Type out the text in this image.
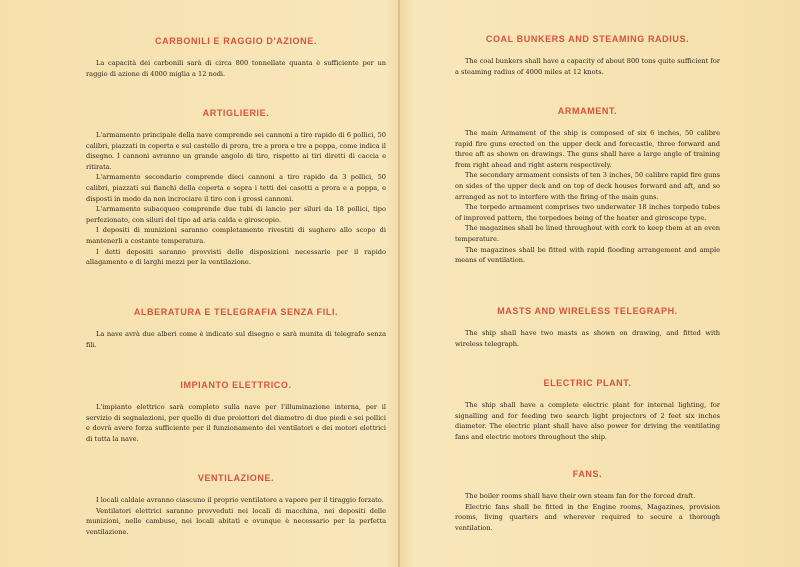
CARBONILI E RAGGIO D'AZIONE.

La capacità dei carbonili sarà di circa 800 tonnellate quanta è sufficiente per un raggio di azione di 4000 miglia a 12 nodi.

ARTIGLIERIE.

L'armamento principale della nave comprende sei cannoni a tiro rapido di 6 pollici, 50 calibri, piazzati in coperta e sul castello di prora, tre a prora e tre a poppa, come indica il disegno. I cannoni avranno un grande angolo di tiro, rispetto ai tiri diretti di caccia e ritirata.

L'armamento secondario comprende dieci cannoni a tiro rapido da 3 pollici, 50 calibri, piazzati sui fianchi della coperta e sopra i tetti dei casotti a prora e a poppa, e disposti in modo da non incrociare il tiro con i grossi cannoni.

L'armamento subacqueo comprende due tubi di lancio per siluri da 18 pollici, tipo perfezionato, con siluri del tipo ad aria calda e giroscopio.

I depositi di munizioni saranno completamente rivestiti di sughero allo scopo di mantenerli a costante temperatura.

I detti depositi saranno provvisti delle disposizioni necessarie per il rapido allagamento e di larghi mezzi per la ventilazione.

ALBERATURA E TELEGRAFIA SENZA FILI.

La nave avrà due alberi come è indicato sul disegno e sarà munita di telegrafo senza fili.

IMPIANTO ELETTRICO.

L'impianto elettrico sarà completo sulla nave per l'illuminazione interna, per il servizio di segnalazioni, per quello di due proiettori del diametro di due piedi e sei pollici e dovrà avere forza sufficiente per il funzionamento dei ventilatori e dei motori elettrici di tutta la nave.

VENTILAZIONE.

I locali caldaie avranno ciascuno il proprio ventilatore a vapore per il tiraggio forzato.

Ventilatori elettrici saranno provveduti nei locali di macchina, nei depositi delle munizioni, nelle cambuse, nei locali abitati e ovunque è necessario per la perfetta ventilazione.

COAL BUNKERS AND STEAMING RADIUS.

The coal bunkers shall have a capacity of about 800 tons quite sufficient for a steaming radius of 4000 miles at 12 knots.

ARMAMENT.

The main Armament of the ship is composed of six 6 inches, 50 calibre rapid fire guns erected on the upper deck and forecastle, three forward and three aft as shown on drawings. The guns shall have a large angle of training from right ahead and right astern respectively.

The secondary armament consists of ten 3 inches, 50 calibre rapid fire guns on sides of the upper deck and on top of deck houses forward and aft, and so arranged as not to interfere with the firing of the main guns.

The torpedo armament comprises two underwater 18 inches torpedo tubes of improved pattern, the torpedoes being of the heater and giroscope type.

The magazines shall be lined throughout with cork to keep them at an even temperature.

The magazines shall be fitted with rapid flooding arrangement and ample means of ventilation.

MASTS AND WIRELESS TELEGRAPH.

The ship shall have two masts as shown on drawing, and fitted with wireless telegraph.

ELECTRIC PLANT.

The ship shall have a complete electric plant for internal lighting, for signalling and for feeding two search light projectors of 2 feet six inches diameter. The electric plant shall have also power for driving the ventilating fans and electric motors throughout the ship.

FANS.

The boiler rooms shall have their own steam fan for the forced draft.

Electric fans shall be fitted in the Engine rooms, Magazines, provision rooms, living quarters and wherever required to secure a thorough ventilation.
